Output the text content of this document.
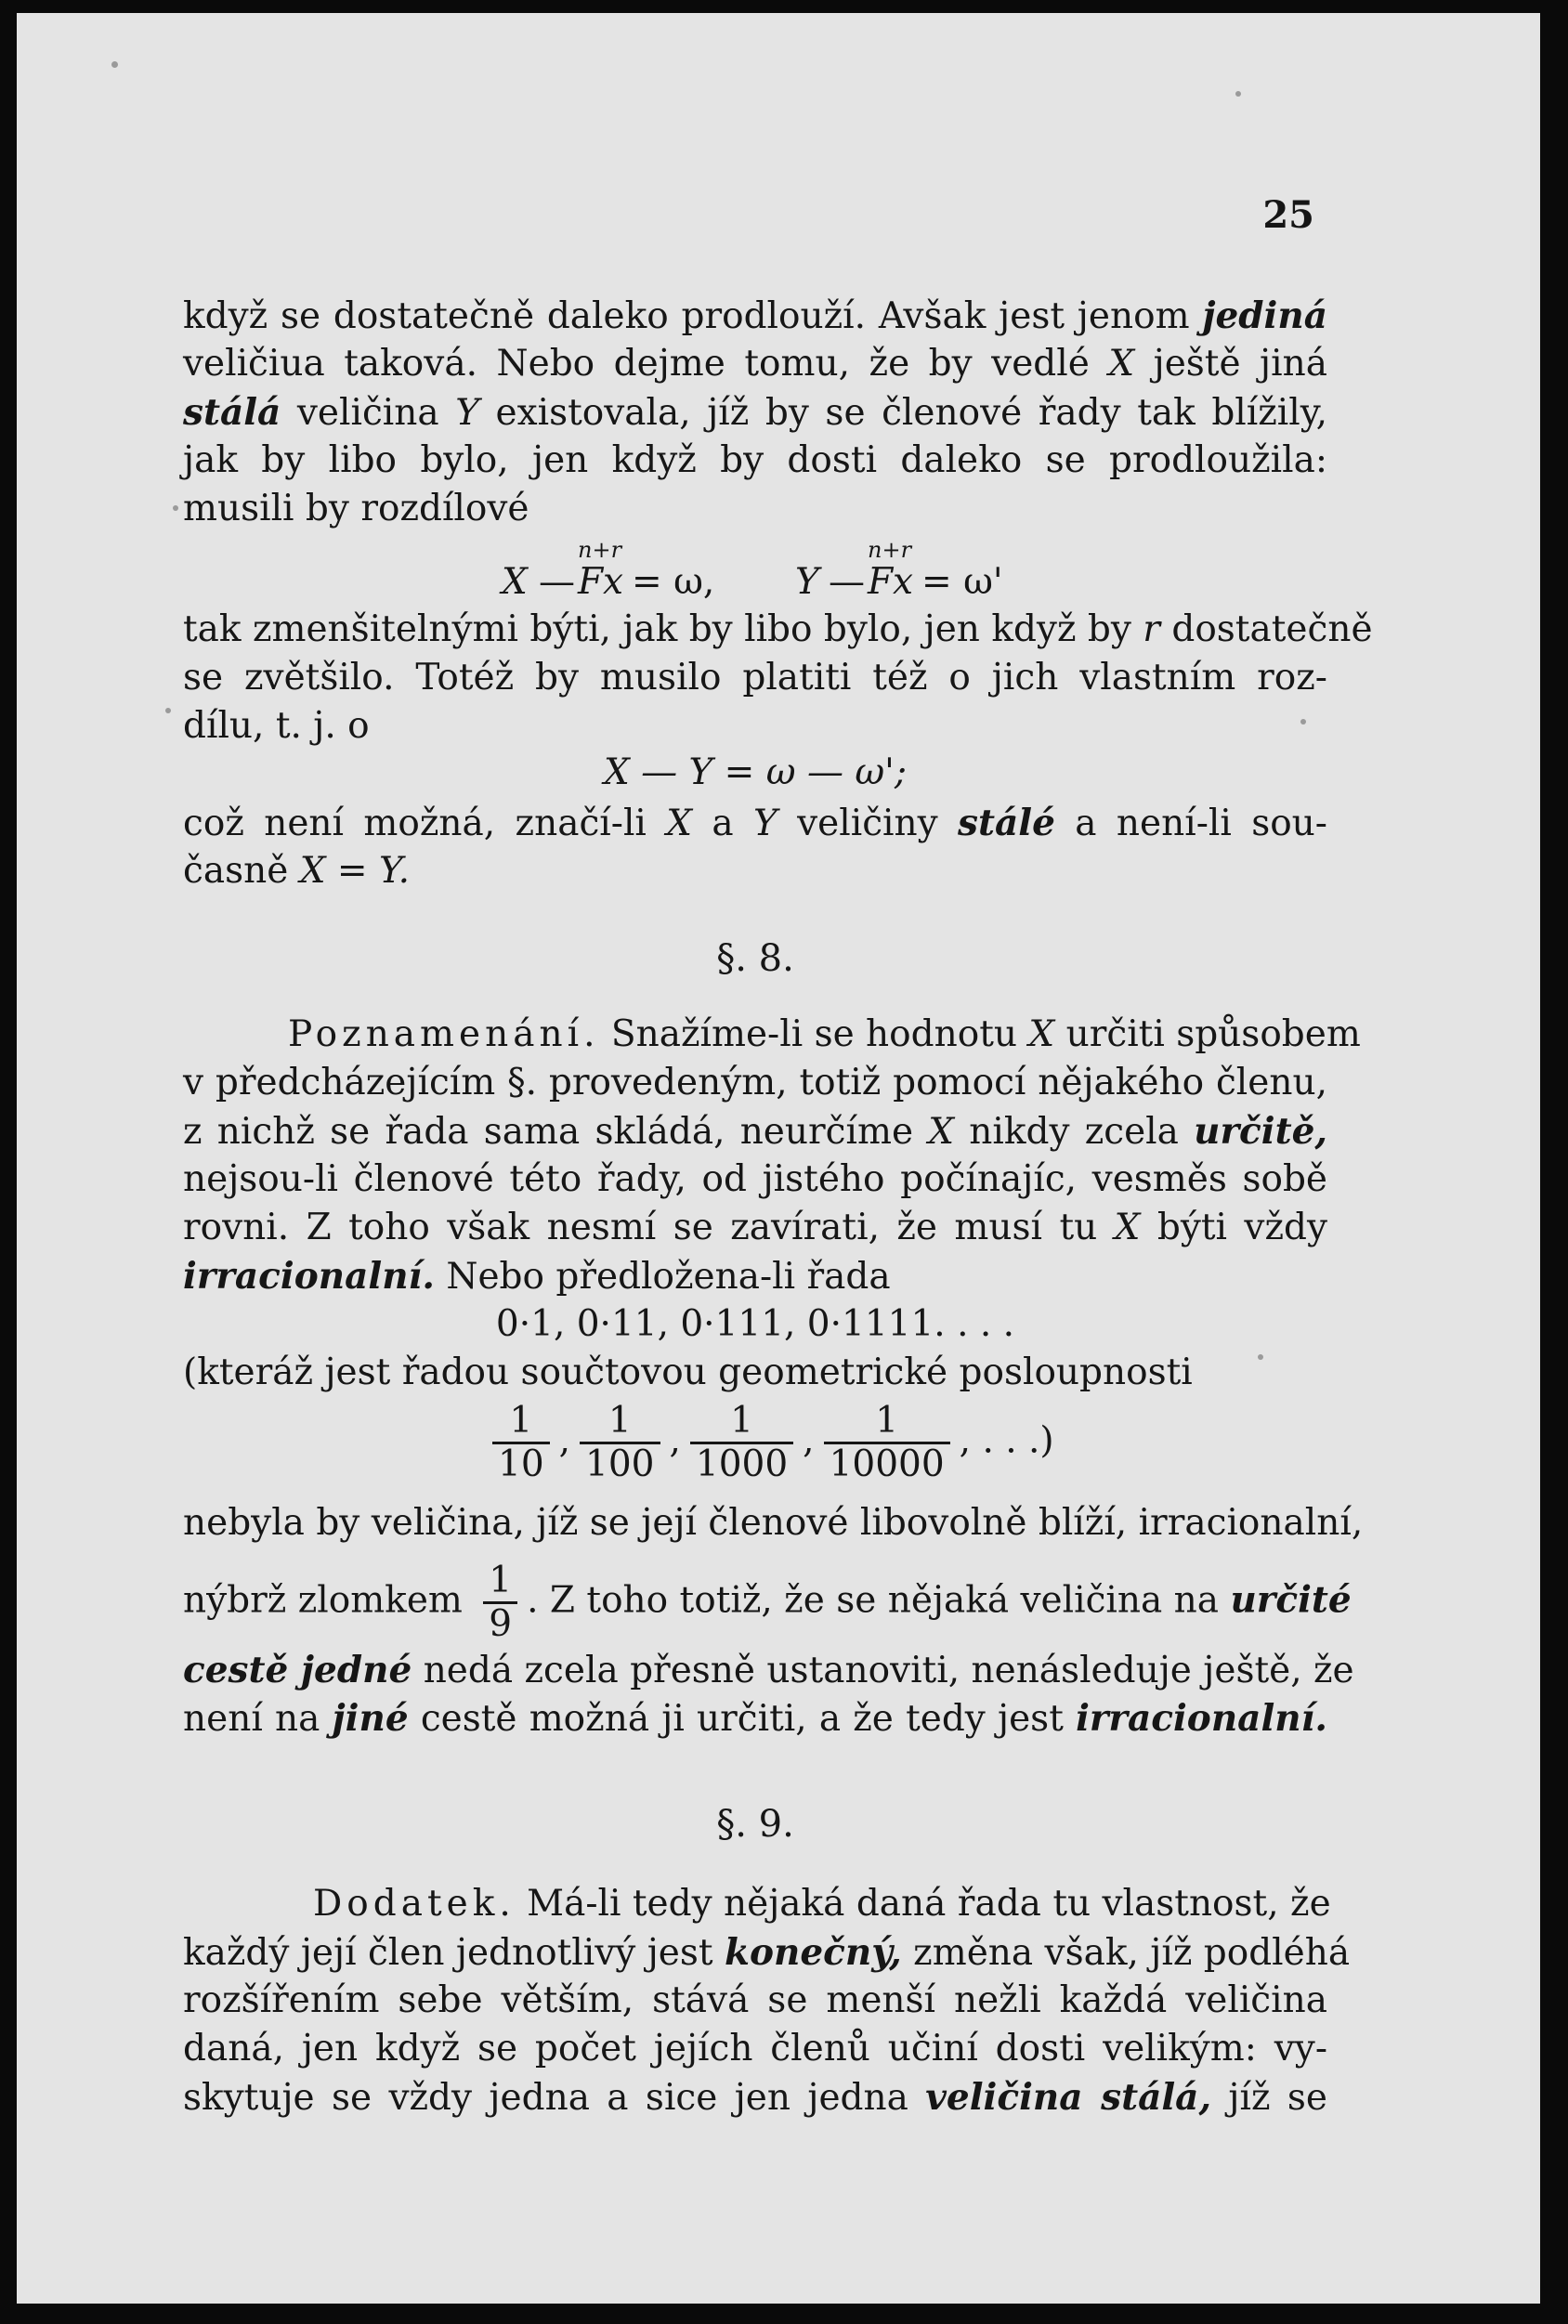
25
když se dostatečně daleko prodlouží. Avšak jest jenom jediná
veličiua taková. Nebo dejme tomu, že by vedlé X ještě jiná
stálá veličina Y existovala, jíž by se členové řady tak blížily,
jak by libo bylo, jen když by dosti daleko se prodloužila:
musili by rozdílové
X —
n+r
Fx = ω, Y —
n+r
Fx = ω'
tak zmenšitelnými býti, jak by libo bylo, jen když by r dostatečně
se zvětšilo. Totéž by musilo platiti též o jich vlastním roz-
dílu, t. j. o
X — Y = ω — ω';
což není možná, značí-li X a Y veličiny stálé a není-li sou-
časně X = Y.
§. 8.
Poznamenání. Snažíme-li se hodnotu X určiti spůsobem
v předcházejícím §. provedeným, totiž pomocí nějakého členu,
z nichž se řada sama skládá, neurčíme X nikdy zcela určitě,
nejsou-li členové této řady, od jistého počínajíc, vesměs sobě
rovni. Z toho však nesmí se zavírati, že musí tu X býti vždy
irracionalní. Nebo předložena-li řada
0·1, 0·11, 0·111, 0·1111. . . .
(kteráž jest řadou součtovou geometrické posloupnosti
$\frac{1}{10}$ , $\frac{1}{100}$ , $\frac{1}{1000}$ , $\frac{1}{10000}$ , . . .)
nebyla by veličina, jíž se její členové libovolně blíží, irracionalní,
nýbrž zlomkem $\frac{1}{9}$ . Z toho totiž, že se nějaká veličina na určité
cestě jedné nedá zcela přesně ustanoviti, nenásleduje ještě, že
není na jiné cestě možná ji určiti, a že tedy jest irracionalní.
§. 9.
Dodatek. Má-li tedy nějaká daná řada tu vlastnost, že
každý její člen jednotlivý jest konečný, změna však, jíž podléhá
rozšířením sebe větším, stává se menší nežli každá veličina
daná, jen když se počet jejích členů učiní dosti velikým: vy-
skytuje se vždy jedna a sice jen jedna veličina stálá, jíž se
